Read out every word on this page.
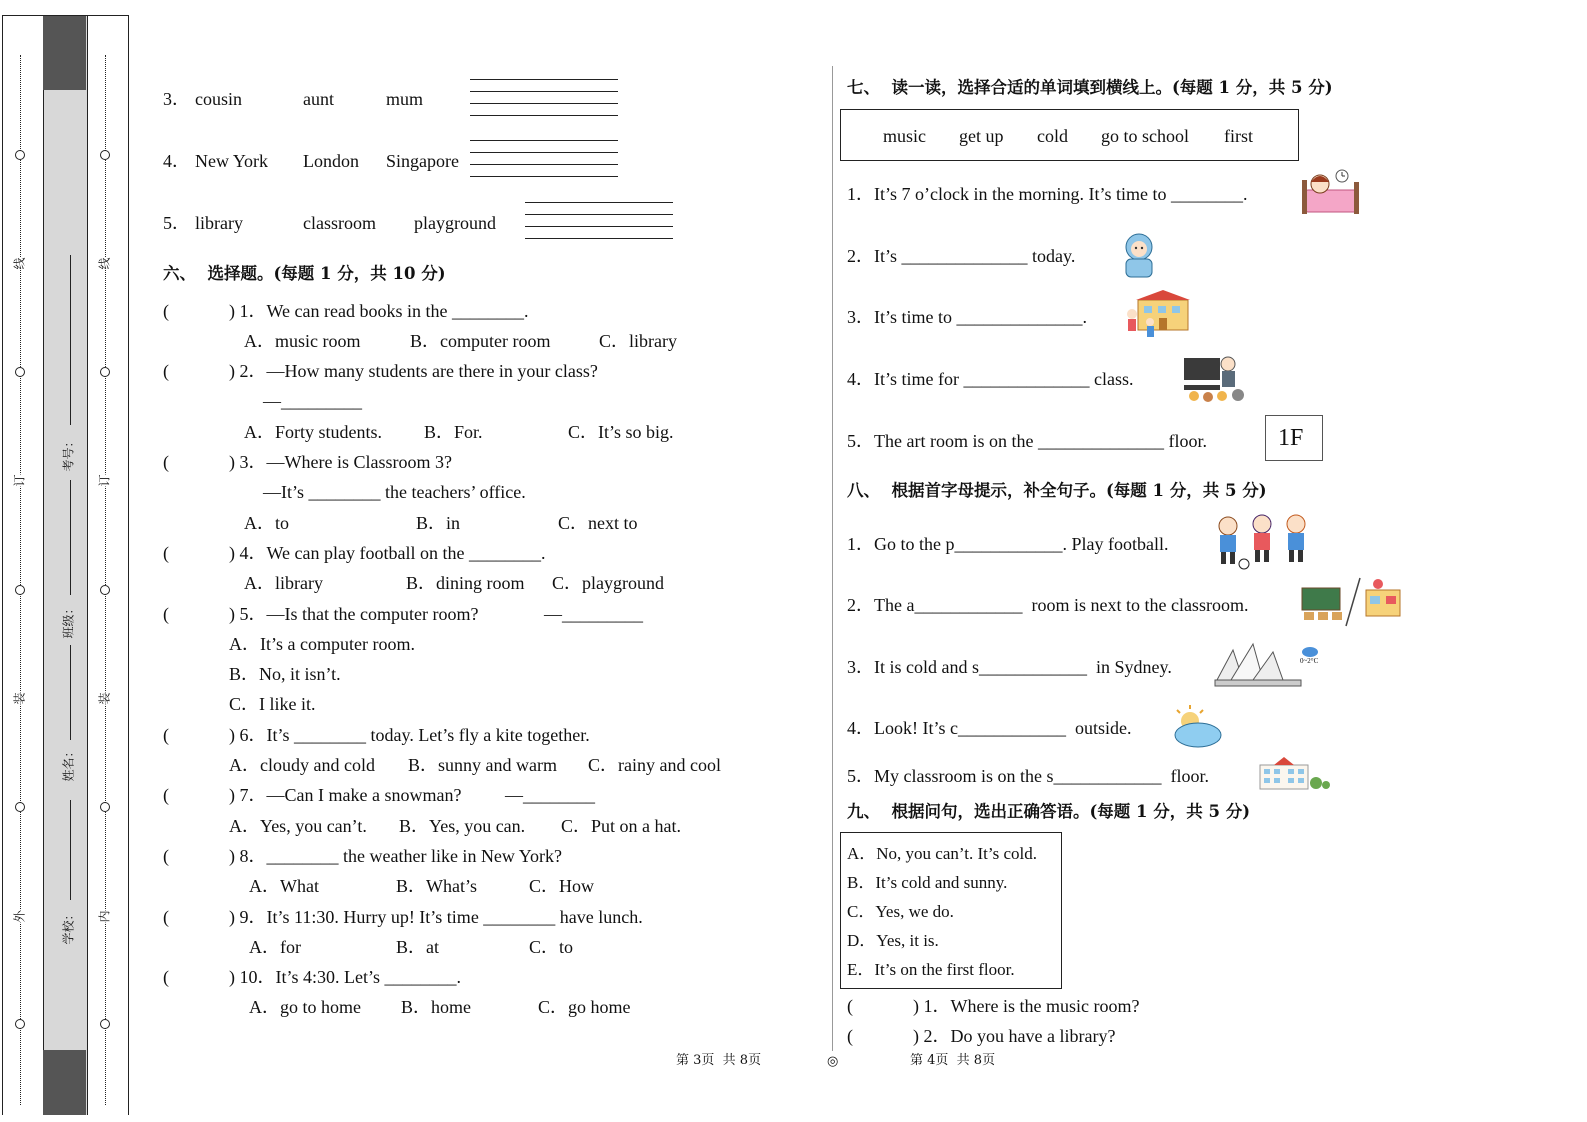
线
订
装
外
线
订
装
内
考号：
班级：
姓名：
学校：
3． cousin	aunt	mum
4． New York London Singapore
5． library	classroom playground
六、  选择题。(每题 1 分，共 10 分)
(	) 1．We can read books in the ________.
A．music room	B．computer room	C．library
(	) 2．—How many students are there in your class?
—_________
A．Forty students. B．For.	C．It’s so big.
(	) 3．—Where is Classroom 3?
—It’s ________ the teachers’ office.
A．to	B．in	C．next to
(	) 4．We can play football on the ________.
A．library	B．dining room C．playground
(	) 5．—Is that the computer room?	—_________
A．It’s a computer room.
B．No, it isn’t.
C．I like it.
(	) 6．It’s ________ today. Let’s fly a kite together.
A．cloudy and cold B．sunny and warm C．rainy and cool
(	) 7．—Can I make a snowman? —________
A．Yes, you can’t. B．Yes, you can. C．Put on a hat.
(	) 8．________ the weather like in New York?
A．What	B．What’s	C．How
(	) 9．It’s 11:30. Hurry up! It’s time ________ have lunch.
A．for	B．at	C．to
(	) 10．It’s 4:30. Let’s ________.
A．go to home B．home	C．go home
第 3页  共 8页	◎	第 4页  共 8页
七、  读一读，选择合适的单词填到横线上。(每题 1 分，共 5 分)
music get up cold go to school first
1．It’s 7 o’clock in the morning. It’s time to ________.
2．It’s ______________ today.
3．It’s time to ______________.
4．It’s time for ______________ class.
5．The art room is on the ______________ floor.	1F
八、  根据首字母提示，补全句子。(每题 1 分，共 5 分)
1．Go to the p____________. Play football.
2．The a____________  room is next to the classroom.
3．It is cold and s____________  in Sydney.	0~2°C
4．Look! It’s c____________  outside.
5．My classroom is on the s____________  floor.
九、  根据问句，选出正确答语。(每题 1 分，共 5 分)
A．No, you can’t. It’s cold.
B．It’s cold and sunny.
C．Yes, we do.
D．Yes, it is.
E．It’s on the first floor.
(	) 1．Where is the music room?
(	) 2．Do you have a library?
